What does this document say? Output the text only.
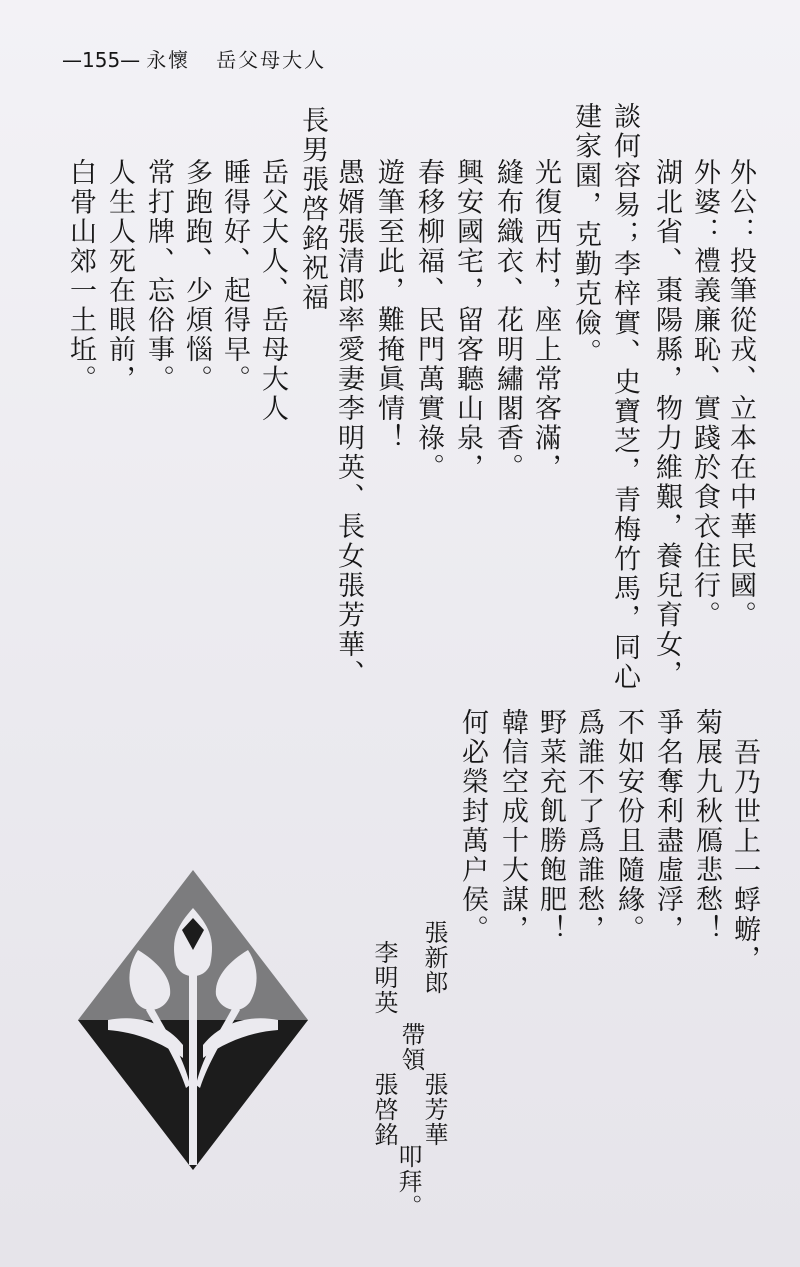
—155— 永懷 岳父母大人
外公：投筆從戎、立本在中華民國。
外婆：禮義廉恥、實踐於食衣住行。
湖北省、棗陽縣，物力維艱，養兒育女，
談何容易；李梓實、史寶芝，青梅竹馬，同心
建家園，克勤克儉。
光復西村，座上常客滿，
縫布織衣、花明繡閣香。
興安國宅，留客聽山泉，
春移柳福、民門萬實祿。
遊筆至此，難掩眞情！
愚婿張清郎率愛妻李明英、長女張芳華、
長男張啓銘祝福
岳父大人、岳母大人
睡得好、起得早。
多跑跑、少煩惱。
常打牌、忘俗事。
人生人死在眼前，
白骨山郊一土坵。
吾乃世上一蜉蝣，
菊展九秋鴈悲愁！
爭名奪利盡虛浮，
不如安份且隨緣。
爲誰不了爲誰愁，
野菜充飢勝飽肥！
韓信空成十大謀，
何必榮封萬户侯。
張新郎
李明英
帶領
張芳華
張啓銘
叩拜。
